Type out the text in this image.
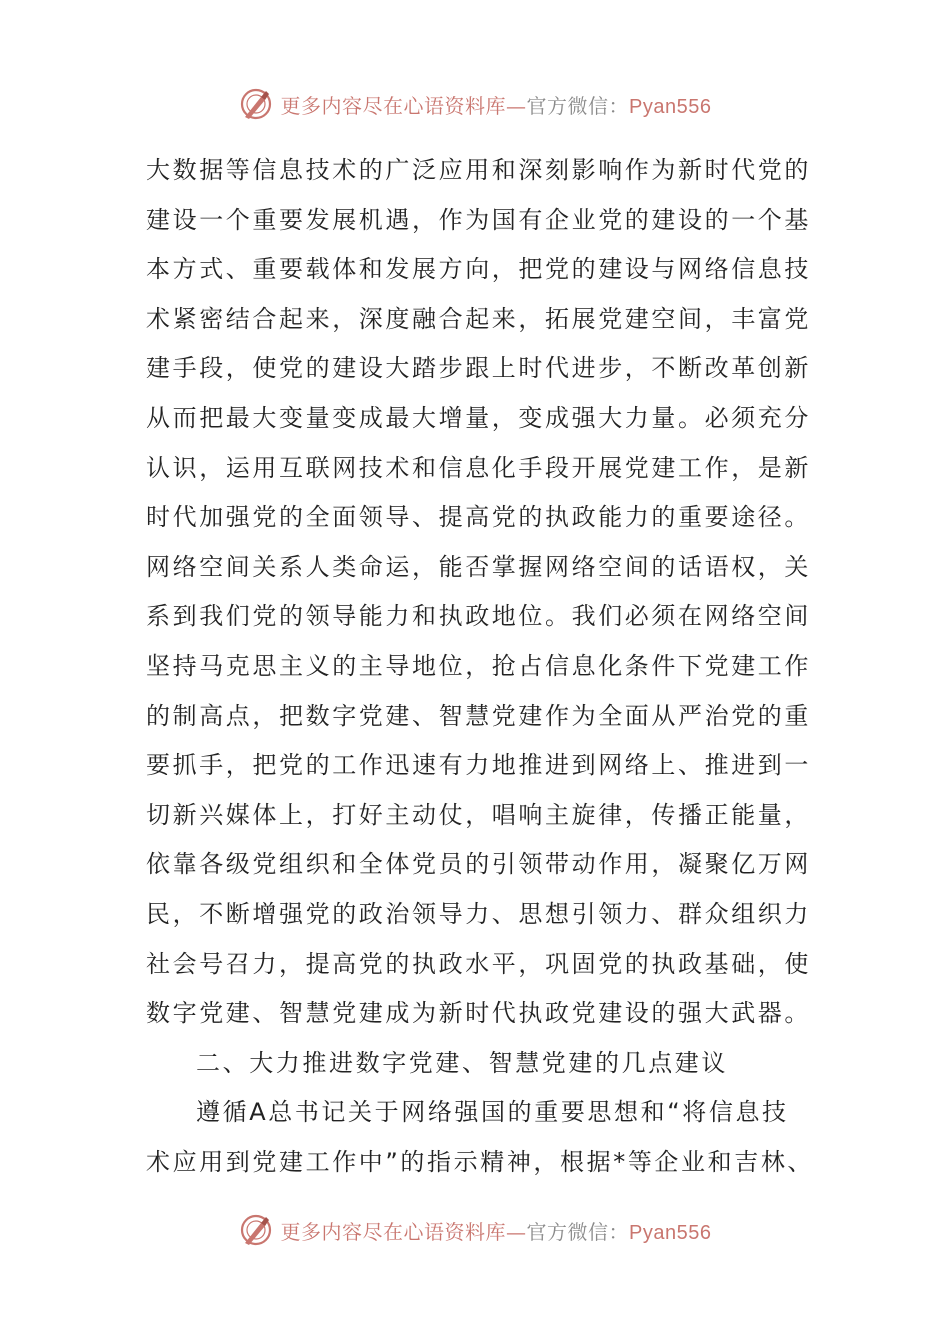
更多内容尽在心语资料库—官方微信：Pyan556
大数据等信息技术的广泛应用和深刻影响作为新时代党的
建设一个重要发展机遇，作为国有企业党的建设的一个基
本方式、重要载体和发展方向，把党的建设与网络信息技
术紧密结合起来，深度融合起来，拓展党建空间，丰富党
建手段，使党的建设大踏步跟上时代进步，不断改革创新
从而把最大变量变成最大增量，变成强大力量。必须充分
认识，运用互联网技术和信息化手段开展党建工作，是新
时代加强党的全面领导、提高党的执政能力的重要途径。
网络空间关系人类命运，能否掌握网络空间的话语权，关
系到我们党的领导能力和执政地位。我们必须在网络空间
坚持马克思主义的主导地位，抢占信息化条件下党建工作
的制高点，把数字党建、智慧党建作为全面从严治党的重
要抓手，把党的工作迅速有力地推进到网络上、推进到一
切新兴媒体上，打好主动仗，唱响主旋律，传播正能量，
依靠各级党组织和全体党员的引领带动作用，凝聚亿万网
民，不断增强党的政治领导力、思想引领力、群众组织力
社会号召力，提高党的执政水平，巩固党的执政基础，使
数字党建、智慧党建成为新时代执政党建设的强大武器。
二、大力推进数字党建、智慧党建的几点建议
遵循A总书记关于网络强国的重要思想和“将信息技
术应用到党建工作中”的指示精神，根据*等企业和吉林、
更多内容尽在心语资料库—官方微信：Pyan556
